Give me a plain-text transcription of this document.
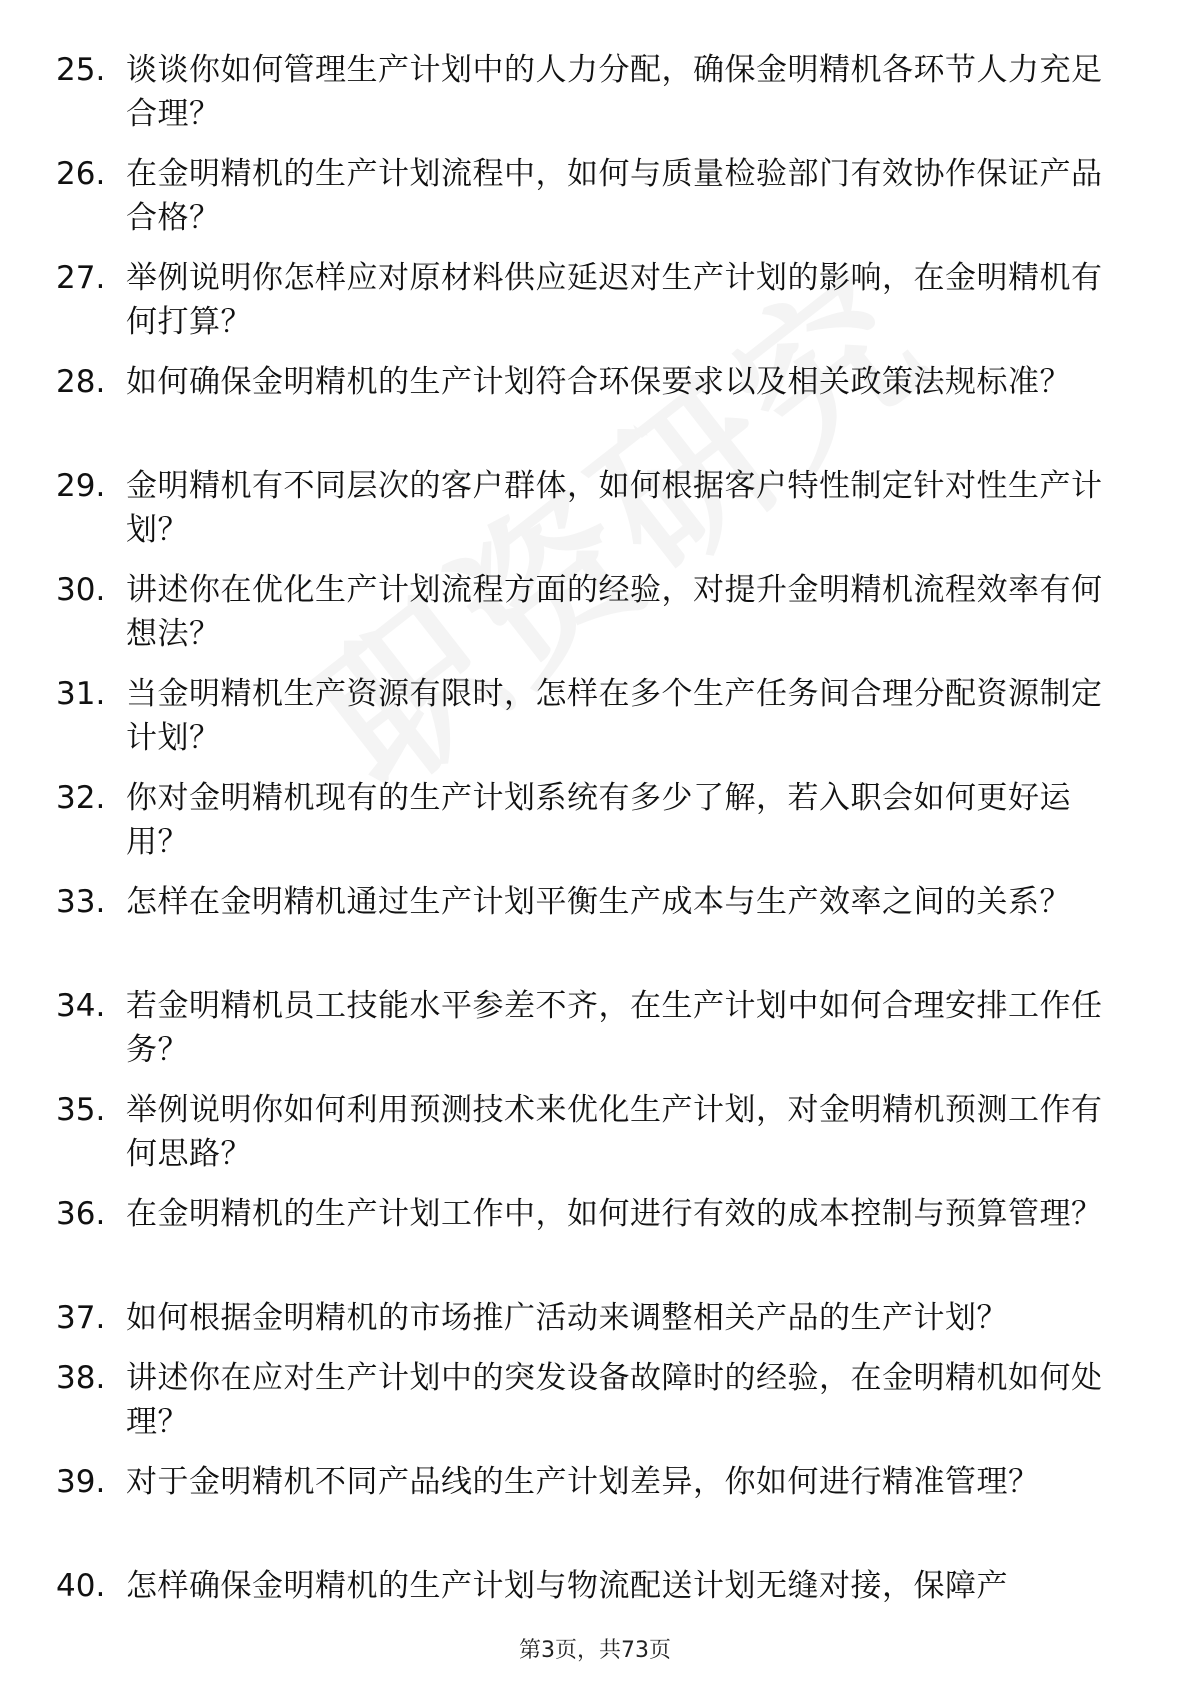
25. 谈谈你如何管理生产计划中的人力分配，确保金明精机各环节人力充足合理？
26. 在金明精机的生产计划流程中，如何与质量检验部门有效协作保证产品合格？
27. 举例说明你怎样应对原材料供应延迟对生产计划的影响，在金明精机有何打算？
28. 如何确保金明精机的生产计划符合环保要求以及相关政策法规标准？
29. 金明精机有不同层次的客户群体，如何根据客户特性制定针对性生产计划？
30. 讲述你在优化生产计划流程方面的经验，对提升金明精机流程效率有何想法？
31. 当金明精机生产资源有限时，怎样在多个生产任务间合理分配资源制定计划？
32. 你对金明精机现有的生产计划系统有多少了解，若入职会如何更好运用？
33. 怎样在金明精机通过生产计划平衡生产成本与生产效率之间的关系？
34. 若金明精机员工技能水平参差不齐，在生产计划中如何合理安排工作任务？
35. 举例说明你如何利用预测技术来优化生产计划，对金明精机预测工作有何思路？
36. 在金明精机的生产计划工作中，如何进行有效的成本控制与预算管理？
37. 如何根据金明精机的市场推广活动来调整相关产品的生产计划？
38. 讲述你在应对生产计划中的突发设备故障时的经验，在金明精机如何处理？
39. 对于金明精机不同产品线的生产计划差异，你如何进行精准管理？
40. 怎样确保金明精机的生产计划与物流配送计划无缝对接，保障产
第3页，共73页
